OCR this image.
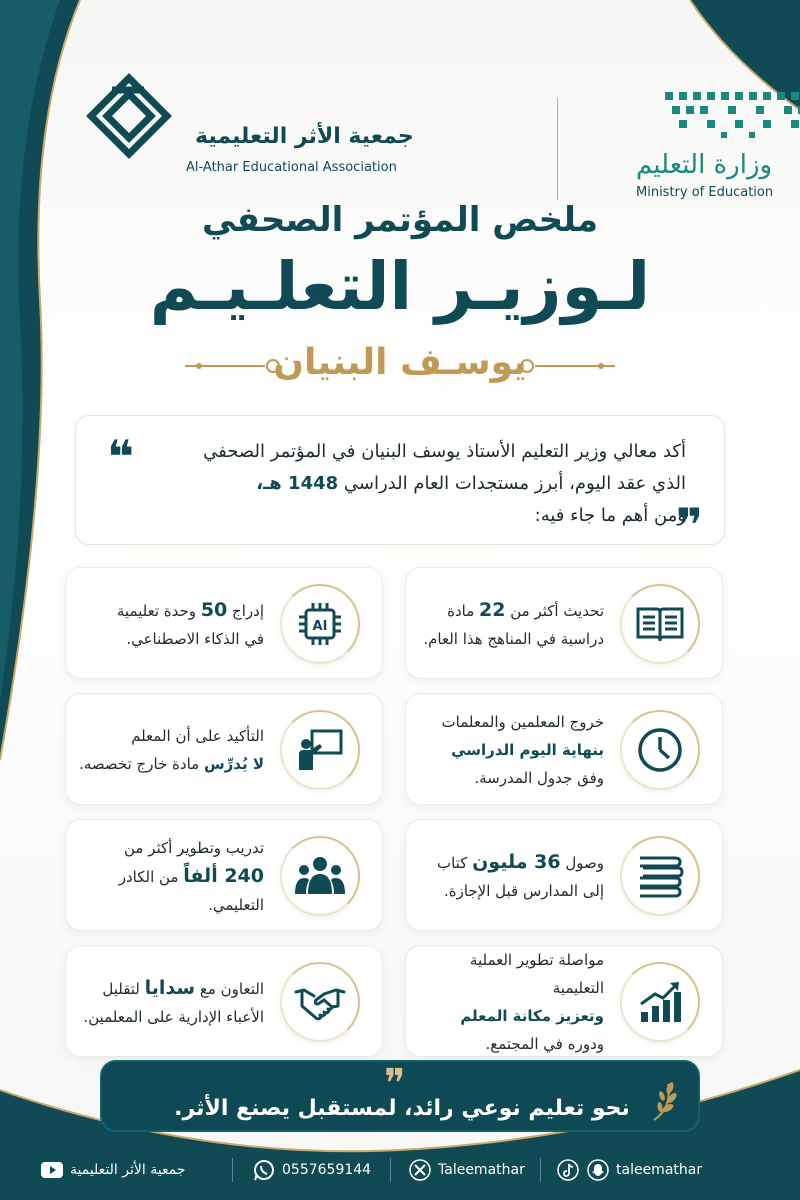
جمعية الأثر التعليمية
Al-Athar Educational Association	وزارة التعليم
Ministry of Education
ملخص المؤتمر الصحفي
لـوزيـر التعلـيـم
يوسـف البنيان
❝	أكد معالي وزير التعليم الأستاذ يوسف البنيان في المؤتمر الصحفي
الذي عقد اليوم، أبرز مستجدات العام الدراسي 1448 هـ،
ومن أهم ما جاء فيه:
❞
تحديث أكثر من 22 مادة
دراسية في المناهج هذا العام.
AI
إدراج 50 وحدة تعليمية
في الذكاء الاصطناعي.
خروج المعلمين والمعلمات
بنهاية اليوم الدراسي
وفق جدول المدرسة.
التأكيد على أن المعلم
لا يُدرِّس مادة خارج تخصصه.
وصول 36 مليون كتاب
إلى المدارس قبل الإجازة.
تدريب وتطوير أكثر من
240 ألفاً من الكادر التعليمي.
مواصلة تطوير العملية التعليمية
وتعزيز مكانة المعلم
ودوره في المجتمع.
التعاون مع سدايا لتقليل
الأعباء الإدارية على المعلمين.
❞
نحو تعليم نوعي رائد، لمستقبل يصنع الأثر.
جمعية الأثر التعليمية	0557659144	Taleemathar	taleemathar
